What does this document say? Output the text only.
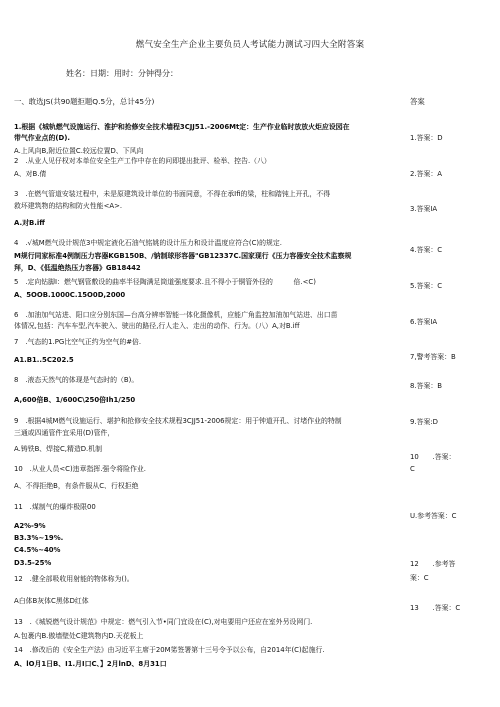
燃气安全生产企业主要负员人考试能力测试习四大全附答案
姓名：日期：用时：分钟得分：
一、敢选JS(共90题拒题Q.5分，总计45分)
1.根据《城轨燃气设施运行、淮护和抢修安全技术墙程3CJJ51.-2006Mt定：生产作业临时放放火炬应设园在
带气作业点的(D).
A.上风向B,附近位置C.较远位置D、下风向
2　.从业人见仔权对本单位安全生产工作中存在的问即提出批评、检举、控告.（八）
A、对B.倩
3　.在燃气管道安装过程中，未是原建筑设计单位的书面同意，不得在承Ifi的梁，柱和踏钝上开孔，不得
救坏建筑物的结构和防火性能<A>.
A.对B.iff
4　.√城M燃气设计规范3中规定液化石油气铭姚的设计压力和设计温度应符合(C)的规定.
M规行同家标准4例制压力容器KGB150B、/钠制球形容器"GB12337C.国家现行《压力容器安全技术监察规
拜，D、《低温绝热压力容器》GB18442
5　.定向钻脚I：燃气钢管敷设的曲率半径陶满足筒道强度要求.且不得小于铜管外径的　　　倍.<C)
A、5OOB.1000C.15O0D,2000
6　.加油加气站进、阳口应分别东国—台高分辨率智能一体化摄像机，应能广角监控加油加气站进、出口苗
体情况,包括：汽车车型,汽车驶入、驶出的路径,行人走入、走出的动作、行为。（八）A,对B.iff
7　.气态的1.PG比空气正约为空气的#倍.
A1.B1..5C202.5
8　.液态天然气的体现是气态时的（B)。
A,600倍B、1/600C\250倍Ih1/250
9　.根据4城M燃气设施运行、堪护和抢修安全技术规程3CJJ51-2006规定：用于钟道开孔、讨堵作业的特制
三通或四通管件宜采用(D)管件，
A.铸铁B、焊接C,精造D.机制
10　.从业人员<C)违章指挥.强令将险作业.
A、不得拒绝B，有条件服从C、行权拒绝
11　.煤制气的爆炸极限00
A2%-9%
B3.3%~19%.
C4.5%~40%
D3.5-25%
12　.健全部吸收用射能的物体称为()。
A白体B灰体C黑体D红体
13　.《城锐燃气设计规范》中规定：燃气引入节•同门宜设在(C),对电要用户还应在室外另设网门.
A.包裹内B.傲墙壁处C建筑物内D.天花板上
14　.修改后的《安全生产法》由习近平主席于20M笫签署第十三号令予以公布，自2014年(C)起施行.
A、lO月1日B、I1.月I口C、】2月lnD、8月31口
答案
1.答案：D
2.答案：A
3.答案IA
4.答案：C
5.答案：C
6.答案IA
7,警考答案：B
8.答案：B
9.答案:D
10　　.答案：
C
U.参考答案：C
12　　.参考答
案：C
13　　.答案：C
